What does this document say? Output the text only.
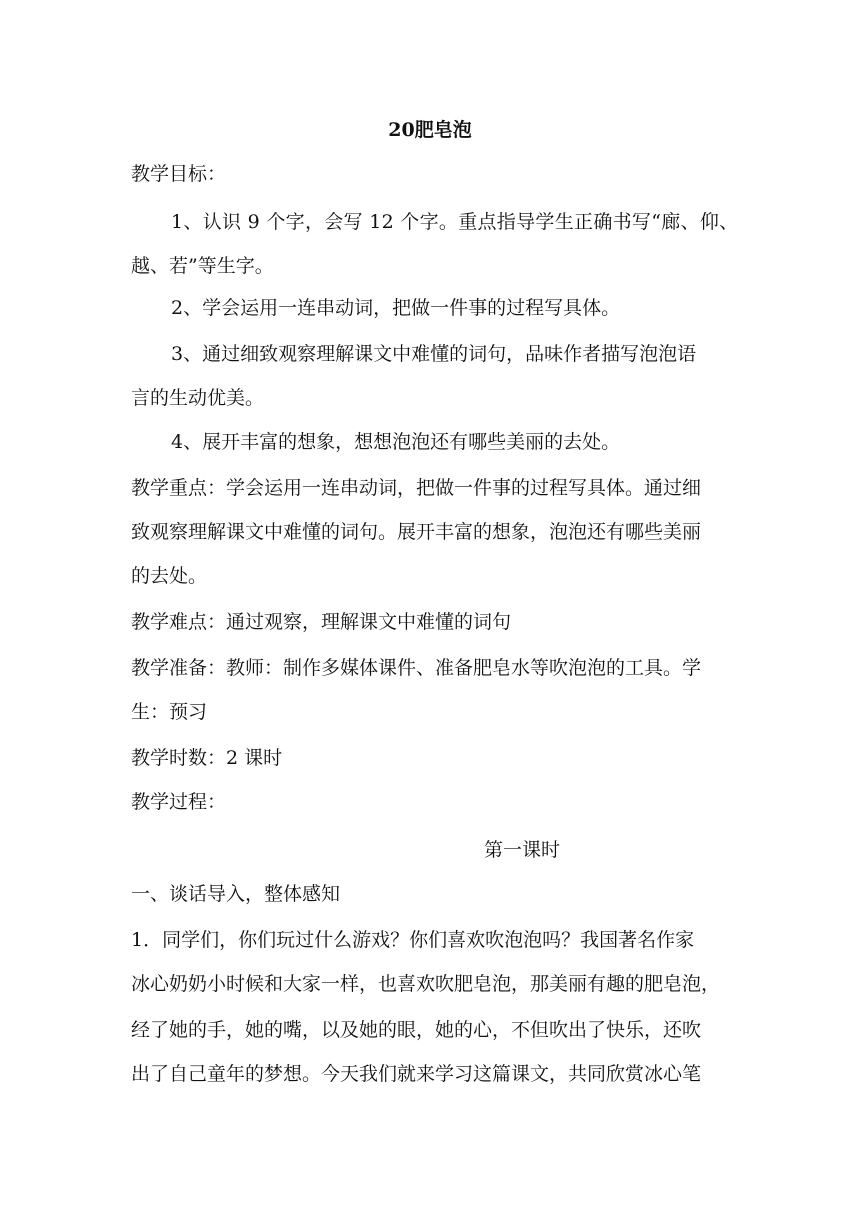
20肥皂泡
教学目标：
1、认识 9 个字，会写 12 个字。重点指导学生正确书写“廊、仰、
越、若”等生字。
2、学会运用一连串动词，把做一件事的过程写具体。
3、通过细致观察理解课文中难懂的词句，品味作者描写泡泡语
言的生动优美。
4、展开丰富的想象，想想泡泡还有哪些美丽的去处。
教学重点：学会运用一连串动词，把做一件事的过程写具体。通过细
致观察理解课文中难懂的词句。展开丰富的想象，泡泡还有哪些美丽
的去处。
教学难点：通过观察，理解课文中难懂的词句
教学准备：教师：制作多媒体课件、准备肥皂水等吹泡泡的工具。学
生：预习
教学时数：2 课时
教学过程：
第一课时
一、谈话导入，整体感知
1．同学们，你们玩过什么游戏？你们喜欢吹泡泡吗？我国著名作家
冰心奶奶小时候和大家一样，也喜欢吹肥皂泡，那美丽有趣的肥皂泡，
经了她的手，她的嘴，以及她的眼，她的心，不但吹出了快乐，还吹
出了自己童年的梦想。今天我们就来学习这篇课文，共同欣赏冰心笔
